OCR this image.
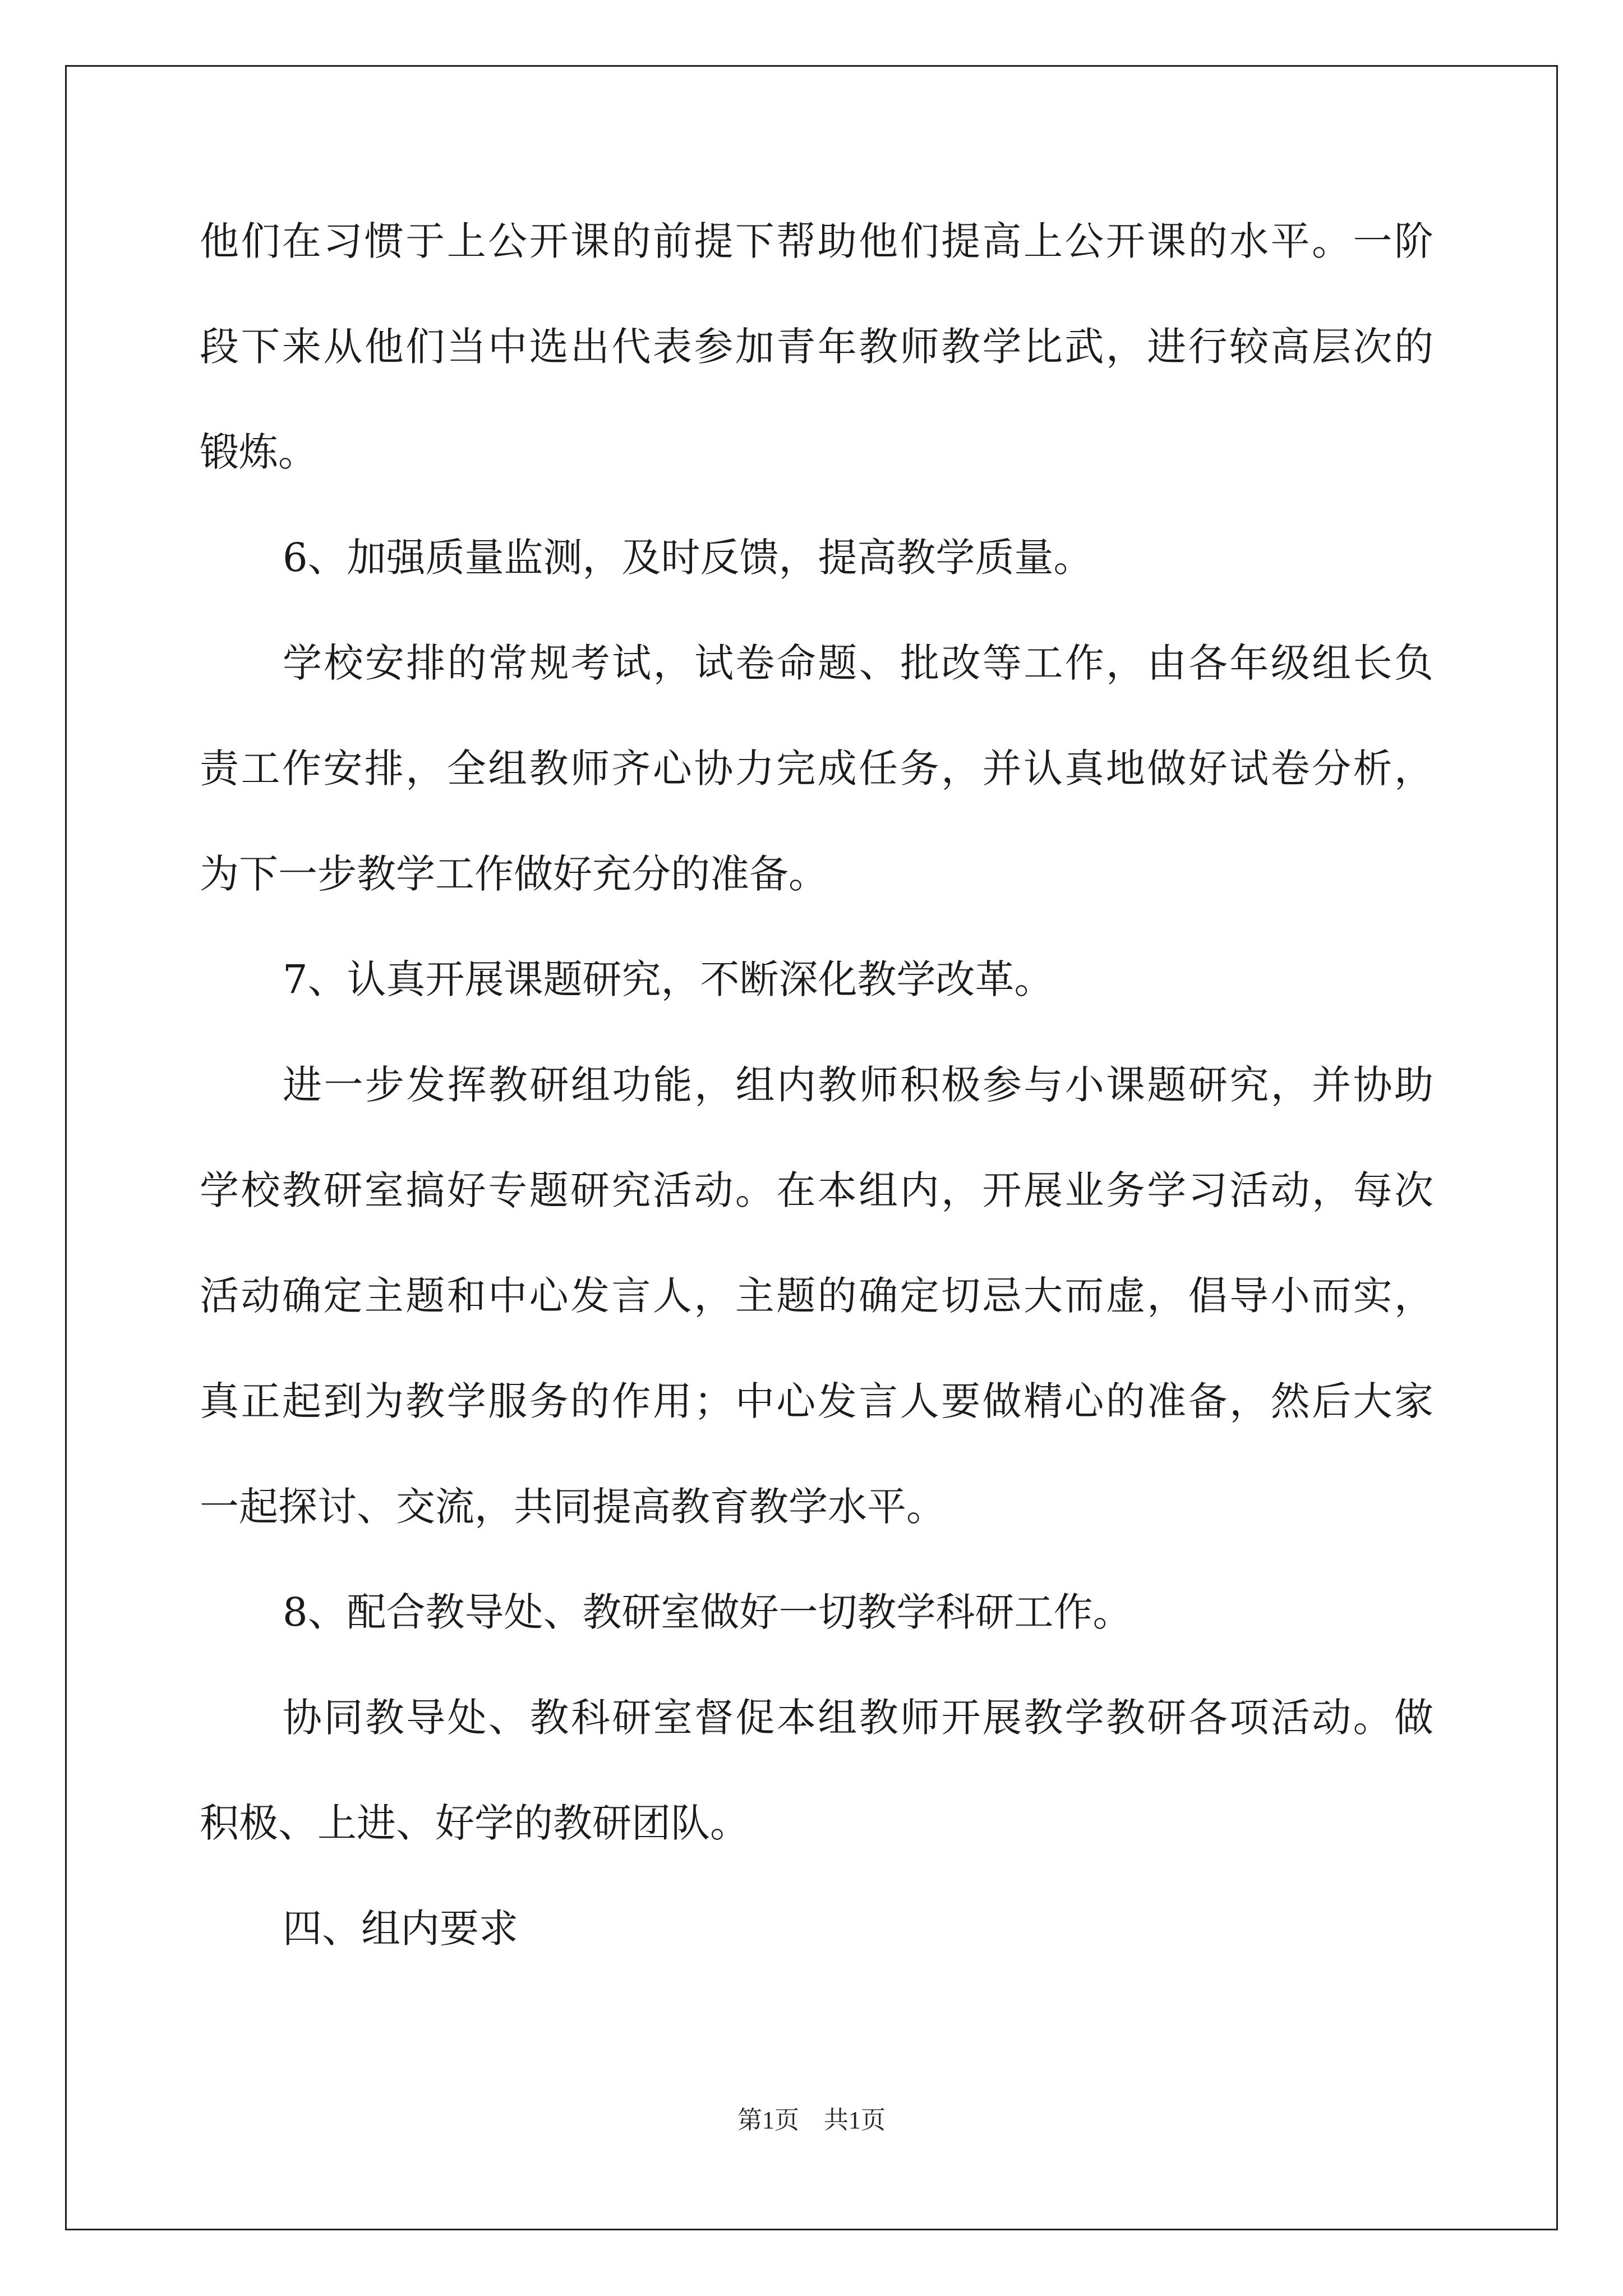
他们在习惯于上公开课的前提下帮助他们提高上公开课的水平。一阶
段下来从他们当中选出代表参加青年教师教学比武，进行较高层次的
锻炼。
6、加强质量监测，及时反馈，提高教学质量。
学校安排的常规考试，试卷命题、批改等工作，由各年级组长负
责工作安排，全组教师齐心协力完成任务，并认真地做好试卷分析，
为下一步教学工作做好充分的准备。
7、认真开展课题研究，不断深化教学改革。
进一步发挥教研组功能，组内教师积极参与小课题研究，并协助
学校教研室搞好专题研究活动。在本组内，开展业务学习活动，每次
活动确定主题和中心发言人，主题的确定切忌大而虚，倡导小而实，
真正起到为教学服务的作用；中心发言人要做精心的准备，然后大家
一起探讨、交流，共同提高教育教学水平。
8、配合教导处、教研室做好一切教学科研工作。
协同教导处、教科研室督促本组教师开展教学教研各项活动。做
积极、上进、好学的教研团队。
四、组内要求
第1页　共1页
